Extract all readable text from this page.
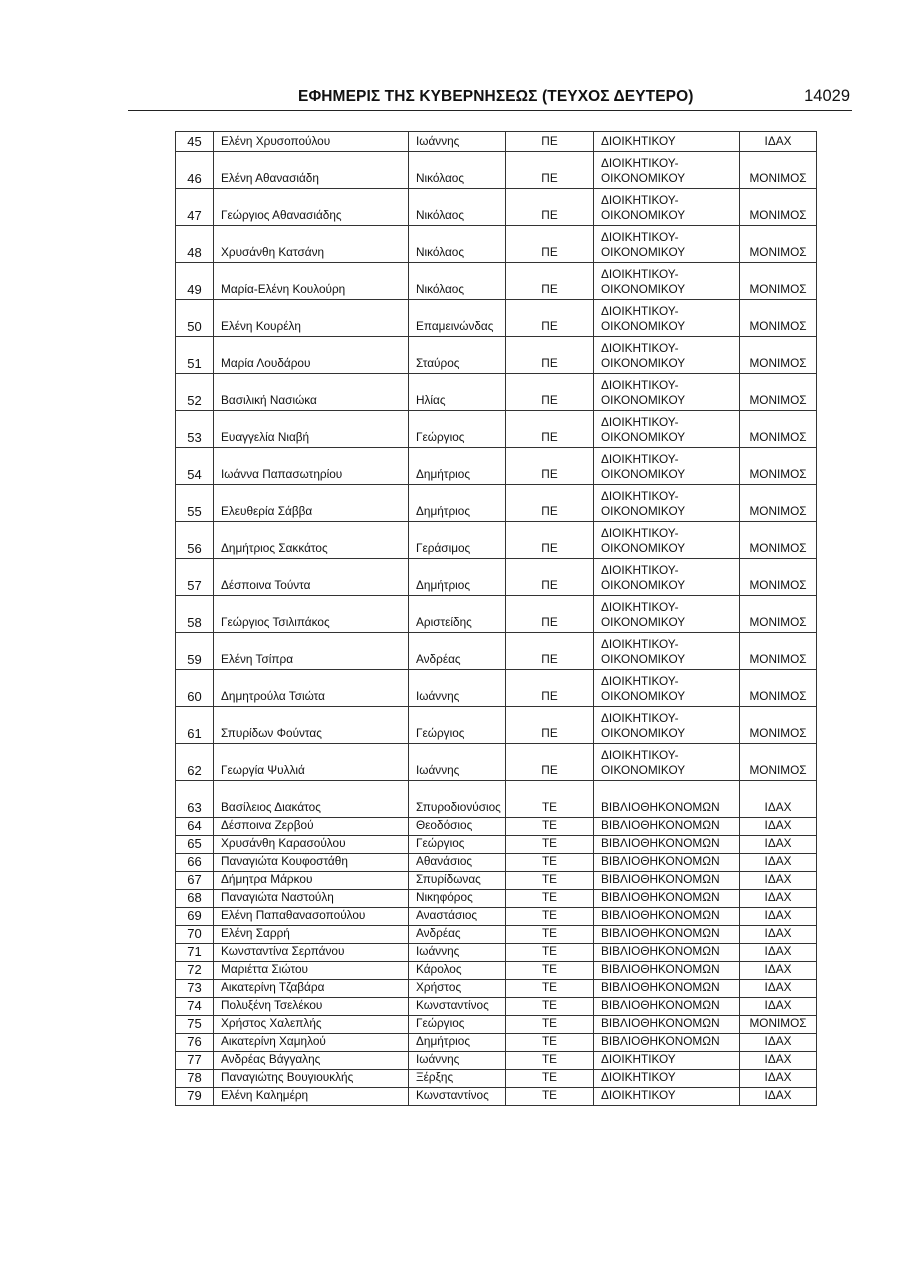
ΕΦΗΜΕΡΙΣ ΤΗΣ ΚΥΒΕΡΝΗΣΕΩΣ (ΤΕΥΧΟΣ ΔΕΥΤΕΡΟ)	14029
45	Ελένη Χρυσοπούλου	Ιωάννης	ΠΕ	ΔΙΟΙΚΗΤΙΚΟΥ	ΙΔΑΧ
46	Ελένη Αθανασιάδη	Νικόλαος	ΠΕ	ΔΙΟΙΚΗΤΙΚΟΥ-​ΟΙΚΟΝΟΜΙΚΟΥ	ΜΟΝΙΜΟΣ
47	Γεώργιος Αθανασιάδης	Νικόλαος	ΠΕ	ΔΙΟΙΚΗΤΙΚΟΥ-​ΟΙΚΟΝΟΜΙΚΟΥ	ΜΟΝΙΜΟΣ
48	Χρυσάνθη Κατσάνη	Νικόλαος	ΠΕ	ΔΙΟΙΚΗΤΙΚΟΥ-​ΟΙΚΟΝΟΜΙΚΟΥ	ΜΟΝΙΜΟΣ
49	Μαρία-Ελένη Κουλούρη	Νικόλαος	ΠΕ	ΔΙΟΙΚΗΤΙΚΟΥ-​ΟΙΚΟΝΟΜΙΚΟΥ	ΜΟΝΙΜΟΣ
50	Ελένη Κουρέλη	Επαμεινώνδας	ΠΕ	ΔΙΟΙΚΗΤΙΚΟΥ-​ΟΙΚΟΝΟΜΙΚΟΥ	ΜΟΝΙΜΟΣ
51	Μαρία Λουδάρου	Σταύρος	ΠΕ	ΔΙΟΙΚΗΤΙΚΟΥ-​ΟΙΚΟΝΟΜΙΚΟΥ	ΜΟΝΙΜΟΣ
52	Βασιλική Νασιώκα	Ηλίας	ΠΕ	ΔΙΟΙΚΗΤΙΚΟΥ-​ΟΙΚΟΝΟΜΙΚΟΥ	ΜΟΝΙΜΟΣ
53	Ευαγγελία Νιαβή	Γεώργιος	ΠΕ	ΔΙΟΙΚΗΤΙΚΟΥ-​ΟΙΚΟΝΟΜΙΚΟΥ	ΜΟΝΙΜΟΣ
54	Ιωάννα Παπασωτηρίου	Δημήτριος	ΠΕ	ΔΙΟΙΚΗΤΙΚΟΥ-​ΟΙΚΟΝΟΜΙΚΟΥ	ΜΟΝΙΜΟΣ
55	Ελευθερία Σάββα	Δημήτριος	ΠΕ	ΔΙΟΙΚΗΤΙΚΟΥ-​ΟΙΚΟΝΟΜΙΚΟΥ	ΜΟΝΙΜΟΣ
56	Δημήτριος Σακκάτος	Γεράσιμος	ΠΕ	ΔΙΟΙΚΗΤΙΚΟΥ-​ΟΙΚΟΝΟΜΙΚΟΥ	ΜΟΝΙΜΟΣ
57	Δέσποινα Τούντα	Δημήτριος	ΠΕ	ΔΙΟΙΚΗΤΙΚΟΥ-​ΟΙΚΟΝΟΜΙΚΟΥ	ΜΟΝΙΜΟΣ
58	Γεώργιος Τσιλιπάκος	Αριστείδης	ΠΕ	ΔΙΟΙΚΗΤΙΚΟΥ-​ΟΙΚΟΝΟΜΙΚΟΥ	ΜΟΝΙΜΟΣ
59	Ελένη Τσίπρα	Ανδρέας	ΠΕ	ΔΙΟΙΚΗΤΙΚΟΥ-​ΟΙΚΟΝΟΜΙΚΟΥ	ΜΟΝΙΜΟΣ
60	Δημητρούλα Τσιώτα	Ιωάννης	ΠΕ	ΔΙΟΙΚΗΤΙΚΟΥ-​ΟΙΚΟΝΟΜΙΚΟΥ	ΜΟΝΙΜΟΣ
61	Σπυρίδων Φούντας	Γεώργιος	ΠΕ	ΔΙΟΙΚΗΤΙΚΟΥ-​ΟΙΚΟΝΟΜΙΚΟΥ	ΜΟΝΙΜΟΣ
62	Γεωργία Ψυλλιά	Ιωάννης	ΠΕ	ΔΙΟΙΚΗΤΙΚΟΥ-​ΟΙΚΟΝΟΜΙΚΟΥ	ΜΟΝΙΜΟΣ
63	Βασίλειος Διακάτος	Σπυροδιονύσιος	ΤΕ	ΒΙΒΛΙΟΘΗΚΟΝΟΜΩΝ	ΙΔΑΧ
64	Δέσποινα Ζερβού	Θεοδόσιος	ΤΕ	ΒΙΒΛΙΟΘΗΚΟΝΟΜΩΝ	ΙΔΑΧ
65	Χρυσάνθη Καρασούλου	Γεώργιος	ΤΕ	ΒΙΒΛΙΟΘΗΚΟΝΟΜΩΝ	ΙΔΑΧ
66	Παναγιώτα Κουφοστάθη	Αθανάσιος	ΤΕ	ΒΙΒΛΙΟΘΗΚΟΝΟΜΩΝ	ΙΔΑΧ
67	Δήμητρα Μάρκου	Σπυρίδωνας	ΤΕ	ΒΙΒΛΙΟΘΗΚΟΝΟΜΩΝ	ΙΔΑΧ
68	Παναγιώτα Ναστούλη	Νικηφόρος	ΤΕ	ΒΙΒΛΙΟΘΗΚΟΝΟΜΩΝ	ΙΔΑΧ
69	Ελένη Παπαθανασοπούλου	Αναστάσιος	ΤΕ	ΒΙΒΛΙΟΘΗΚΟΝΟΜΩΝ	ΙΔΑΧ
70	Ελένη Σαρρή	Ανδρέας	ΤΕ	ΒΙΒΛΙΟΘΗΚΟΝΟΜΩΝ	ΙΔΑΧ
71	Κωνσταντίνα Σερπάνου	Ιωάννης	ΤΕ	ΒΙΒΛΙΟΘΗΚΟΝΟΜΩΝ	ΙΔΑΧ
72	Μαριέττα Σιώτου	Κάρολος	ΤΕ	ΒΙΒΛΙΟΘΗΚΟΝΟΜΩΝ	ΙΔΑΧ
73	Αικατερίνη Τζαβάρα	Χρήστος	ΤΕ	ΒΙΒΛΙΟΘΗΚΟΝΟΜΩΝ	ΙΔΑΧ
74	Πολυξένη Τσελέκου	Κωνσταντίνος	ΤΕ	ΒΙΒΛΙΟΘΗΚΟΝΟΜΩΝ	ΙΔΑΧ
75	Χρήστος Χαλεπλής	Γεώργιος	ΤΕ	ΒΙΒΛΙΟΘΗΚΟΝΟΜΩΝ	ΜΟΝΙΜΟΣ
76	Αικατερίνη Χαμηλού	Δημήτριος	ΤΕ	ΒΙΒΛΙΟΘΗΚΟΝΟΜΩΝ	ΙΔΑΧ
77	Ανδρέας Βάγγαλης	Ιωάννης	ΤΕ	ΔΙΟΙΚΗΤΙΚΟΥ	ΙΔΑΧ
78	Παναγιώτης Βουγιουκλής	Ξέρξης	ΤΕ	ΔΙΟΙΚΗΤΙΚΟΥ	ΙΔΑΧ
79	Ελένη Καλημέρη	Κωνσταντίνος	ΤΕ	ΔΙΟΙΚΗΤΙΚΟΥ	ΙΔΑΧ
